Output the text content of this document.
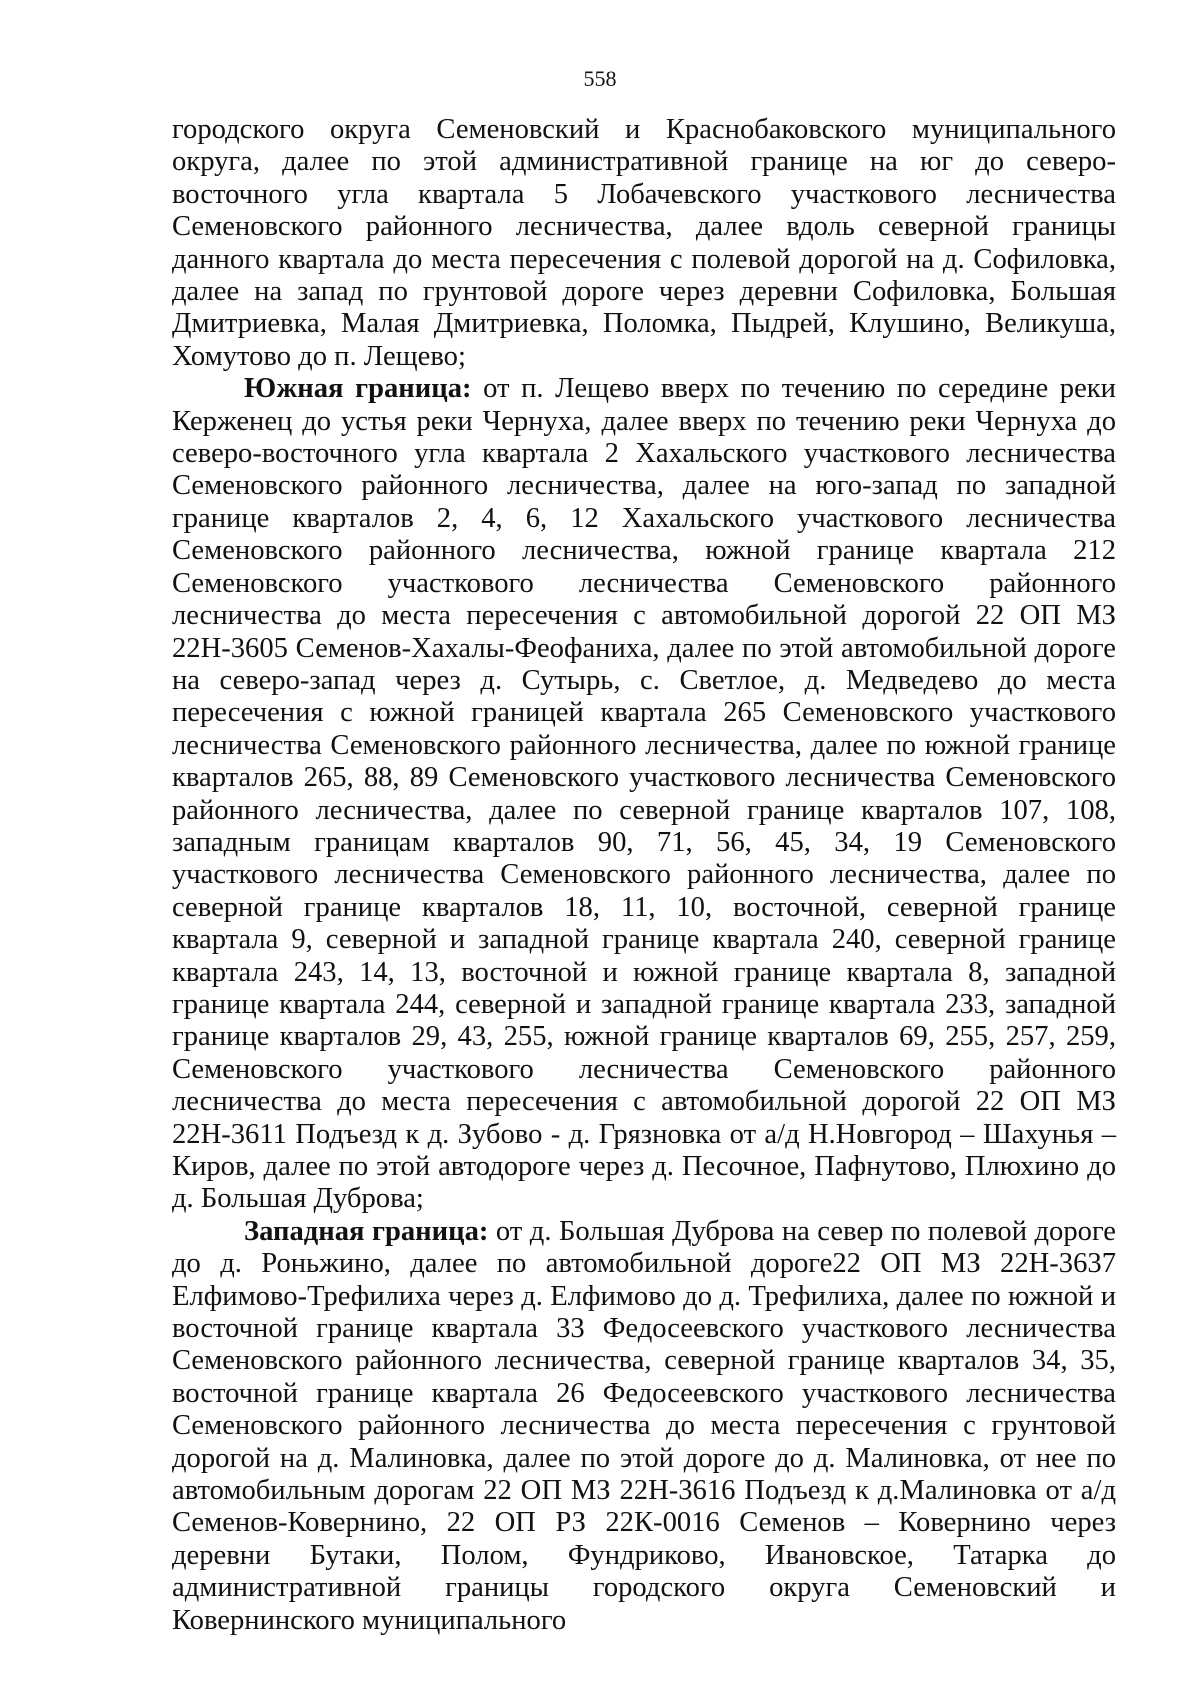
558

городского округа Семеновский и Краснобаковского муниципального округа, далее по этой административной границе на юг до северо-восточного угла квартала 5 Лобачевского участкового лесничества Семеновского районного лесничества, далее вдоль северной границы данного квартала до места пересечения с полевой дорогой на д. Софиловка, далее на запад по грунтовой дороге через деревни Софиловка, Большая Дмитриевка, Малая Дмитриевка, Поломка, Пыдрей, Клушино, Великуша, Хомутово до п. Лещево;

Южная граница: от п. Лещево вверх по течению по середине реки Керженец до устья реки Чернуха, далее вверх по течению реки Чернуха до северо-восточного угла квартала 2 Хахальского участкового лесничества Семеновского районного лесничества, далее на юго-запад по западной границе кварталов 2, 4, 6, 12 Хахальского участкового лесничества Семеновского районного лесничества, южной границе квартала 212 Семеновского участкового лесничества Семеновского районного лесничества до места пересечения с автомобильной дорогой 22 ОП МЗ 22Н-3605 Семенов-Хахалы-Феофаниха, далее по этой автомобильной дороге на северо-запад через д. Сутырь, с. Светлое, д. Медведево до места пересечения с южной границей квартала 265 Семеновского участкового лесничества Семеновского районного лесничества, далее по южной границе кварталов 265, 88, 89 Семеновского участкового лесничества Семеновского районного лесничества, далее по северной границе кварталов 107, 108, западным границам кварталов 90, 71, 56, 45, 34, 19 Семеновского участкового лесничества Семеновского районного лесничества, далее по северной границе кварталов 18, 11, 10, восточной, северной границе квартала 9, северной и западной границе квартала 240, северной границе квартала 243, 14, 13, восточной и южной границе квартала 8, западной границе квартала 244, северной и западной границе квартала 233, западной границе кварталов 29, 43, 255, южной границе кварталов 69, 255, 257, 259, Семеновского участкового лесничества Семеновского районного лесничества до места пересечения с автомобильной дорогой 22 ОП МЗ 22Н-3611 Подъезд к д. Зубово - д. Грязновка от а/д Н.Новгород – Шахунья – Киров, далее по этой автодороге через д. Песочное, Пафнутово, Плюхино до д. Большая Дуброва;

Западная граница: от д. Большая Дуброва на север по полевой дороге до д. Роньжино, далее по автомобильной дороге22 ОП МЗ 22Н-3637 Елфимово-Трефилиха через д. Елфимово до д. Трефилиха, далее по южной и восточной границе квартала 33 Федосеевского участкового лесничества Семеновского районного лесничества, северной границе кварталов 34, 35, восточной границе квартала 26 Федосеевского участкового лесничества Семеновского районного лесничества до места пересечения с грунтовой дорогой на д. Малиновка, далее по этой дороге до д. Малиновка, от нее по автомобильным дорогам 22 ОП МЗ 22Н-3616 Подъезд к д.Малиновка от а/д Семенов-Ковернино, 22 ОП РЗ 22К-0016 Семенов – Ковернино через деревни Бутаки, Полом, Фундриково, Ивановское, Татарка до административной границы городского округа Семеновский и Ковернинского муниципального
